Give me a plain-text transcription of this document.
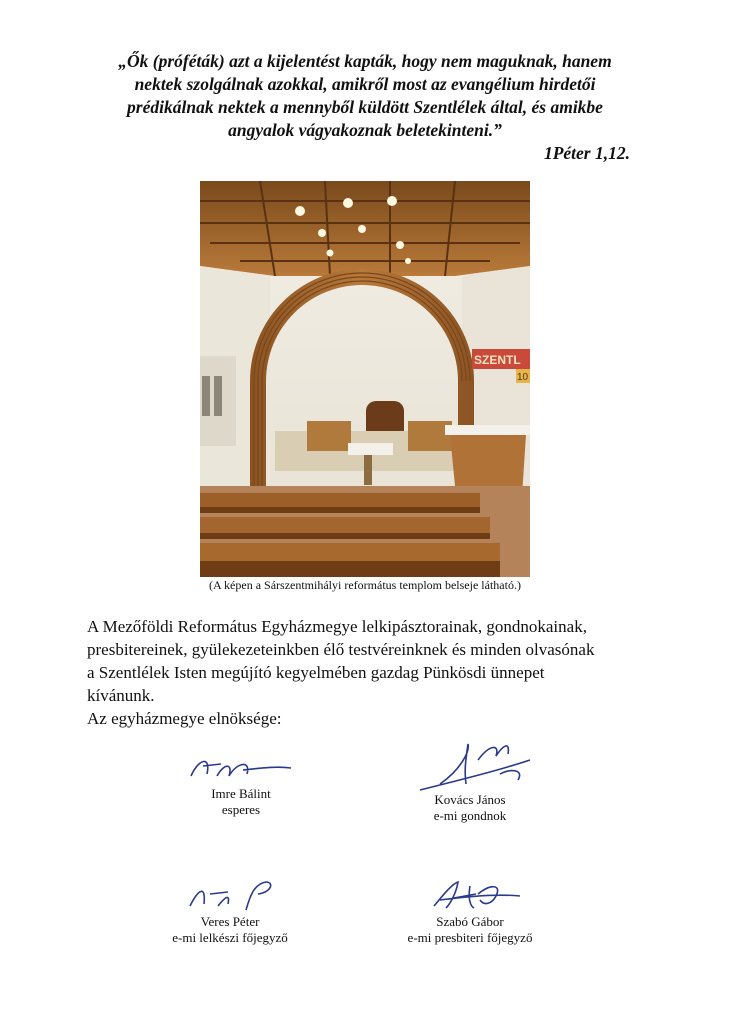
„Ők (próféták) azt a kijelentést kapták, hogy nem maguknak, hanem

nektek szolgálnak azokkal, amikről most az evangélium hirdetői

prédikálnak nektek a mennyből küldött Szentlélek által, és amikbe

angyalok vágyakoznak beletekinteni.”

1Péter 1,12.
SZENTL
10
(A képen a Sárszentmihályi református templom belseje látható.)

A Mezőföldi Református Egyházmegye lelkipásztorainak, gondnokainak,

presbitereinek, gyülekezeteinkben élő testvéreinknek és minden olvasónak

a Szentlélek Isten megújító kegyelmében gazdag Pünkösdi ünnepet

kívánunk.

Az egyházmegye elnöksége:

Imre Bálint
esperes
Kovács János
e-mi gondnok
Veres Péter
e-mi lelkészi főjegyző
Szabó Gábor
e-mi presbiteri főjegyző
